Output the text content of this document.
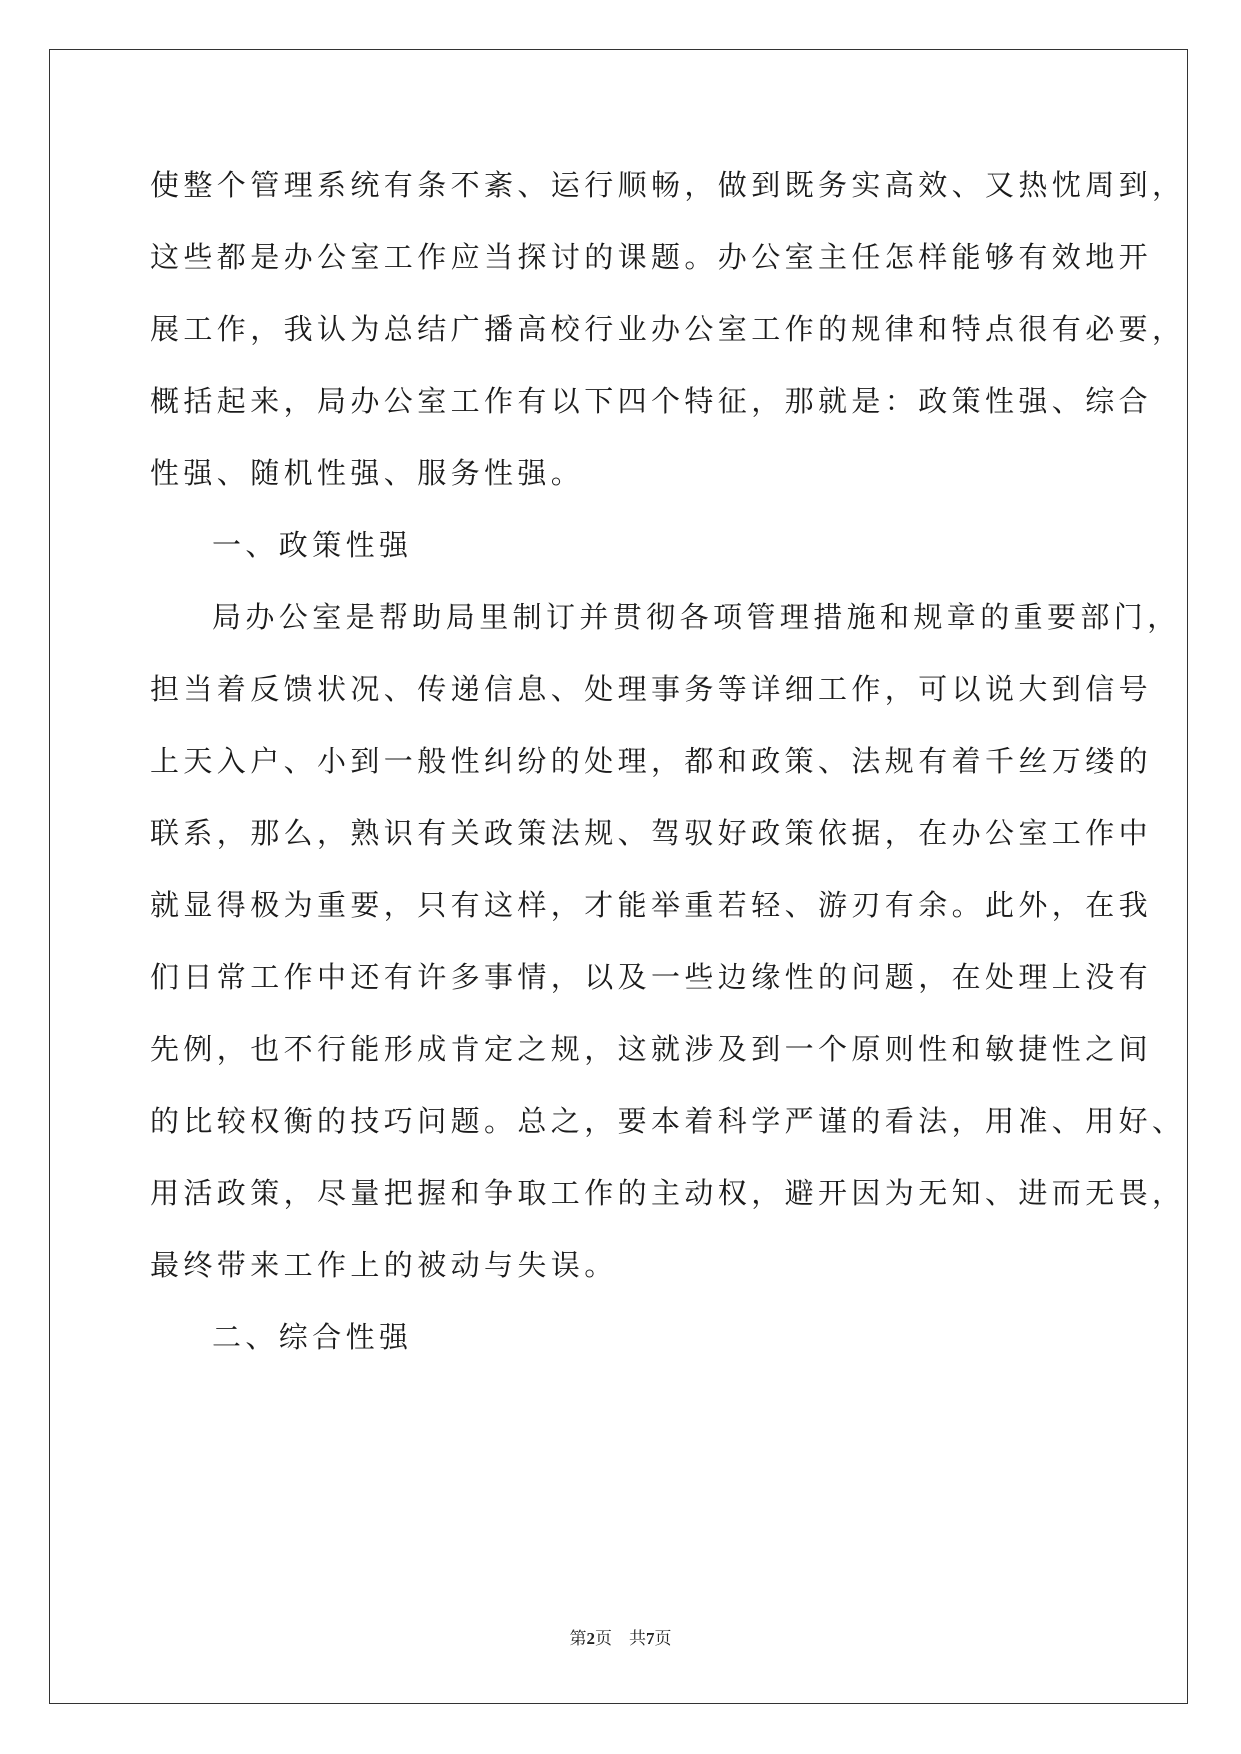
使整个管理系统有条不紊、运行顺畅，做到既务实高效、又热忱周到，
这些都是办公室工作应当探讨的课题。办公室主任怎样能够有效地开
展工作，我认为总结广播高校行业办公室工作的规律和特点很有必要，
概括起来，局办公室工作有以下四个特征，那就是：政策性强、综合
性强、随机性强、服务性强。
一、政策性强
局办公室是帮助局里制订并贯彻各项管理措施和规章的重要部门，
担当着反馈状况、传递信息、处理事务等详细工作，可以说大到信号
上天入户、小到一般性纠纷的处理，都和政策、法规有着千丝万缕的
联系，那么，熟识有关政策法规、驾驭好政策依据，在办公室工作中
就显得极为重要，只有这样，才能举重若轻、游刃有余。此外，在我
们日常工作中还有许多事情，以及一些边缘性的问题，在处理上没有
先例，也不行能形成肯定之规，这就涉及到一个原则性和敏捷性之间
的比较权衡的技巧问题。总之，要本着科学严谨的看法，用准、用好、
用活政策，尽量把握和争取工作的主动权，避开因为无知、进而无畏，
最终带来工作上的被动与失误。
二、综合性强
第2页　共7页
